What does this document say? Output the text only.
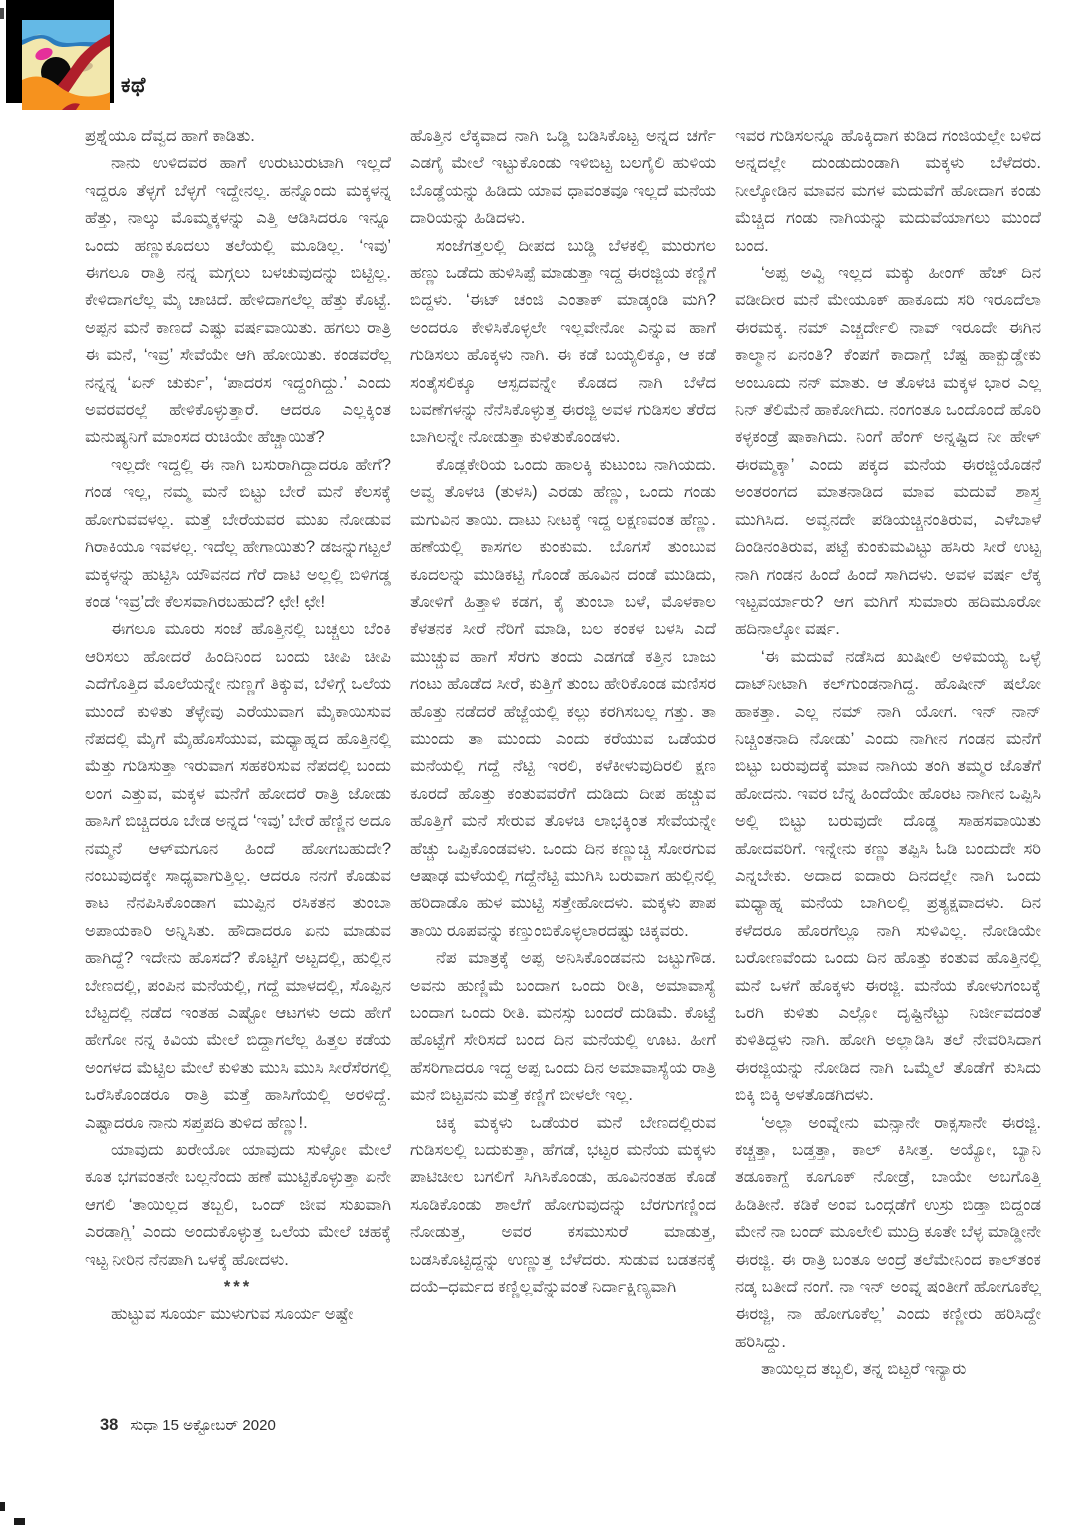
ಕಥೆ

ಪ್ರಶ್ನೆಯೂ ದೆವ್ವದ ಹಾಗೆ ಕಾಡಿತು.

ನಾನು ಉಳಿದವರ ಹಾಗೆ ಉರುಟುರುಟಾಗಿ ಇಲ್ಲದೆ ಇದ್ದರೂ ತೆಳ್ಳಗೆ ಬೆಳ್ಳಗೆ ಇದ್ದೇನಲ್ಲ. ಹನ್ನೊಂದು ಮಕ್ಕಳನ್ನ ಹೆತ್ತು, ನಾಲ್ಕು ಮೊಮ್ಮಕ್ಕಳನ್ನು ಎತ್ತಿ ಆಡಿಸಿದರೂ ಇನ್ನೂ ಒಂದು ಹಣ್ಣುಕೂದಲು ತಲೆಯಲ್ಲಿ ಮೂಡಿಲ್ಲ. ‘ಇವು’ ಈಗಲೂ ರಾತ್ರಿ ನನ್ನ ಮಗ್ಗಲು ಬಳಚುವುದನ್ನು ಬಿಟ್ಟಿಲ್ಲ. ಕೇಳಿದಾಗಲೆಲ್ಲ ಮೈ ಚಾಚಿದೆ. ಹೇಳಿದಾಗಲೆಲ್ಲ ಹೆತ್ತು ಕೊಟ್ಟೆ. ಅಪ್ಪನ ಮನೆ ಕಾಣದೆ ಎಷ್ಟು ವರ್ಷವಾಯಿತು. ಹಗಲು ರಾತ್ರಿ ಈ ಮನೆ, ‘ಇವ್ರ’ ಸೇವೆಯೇ ಆಗಿ ಹೋಯಿತು. ಕಂಡವರೆಲ್ಲ ನನ್ನನ್ನ ‘ಏನ್ ಚುರ್ಕು’, ‘ಪಾದರಸ ಇದ್ದಂಗಿದ್ದು.’ ಎಂದು ಅವರವರಲ್ಲೆ ಹೇಳಿಕೊಳ್ಳುತ್ತಾರೆ. ಆದರೂ ಎಲ್ಲಕ್ಕಿಂತ ಮನುಷ್ಯನಿಗೆ ಮಾಂಸದ ರುಚಿಯೇ ಹೆಚ್ಚಾಯಿತೆ?

ಇಲ್ಲದೇ ಇದ್ದಲ್ಲಿ ಈ ನಾಗಿ ಬಸುರಾಗಿದ್ದಾದರೂ ಹೇಗೆ? ಗಂಡ ಇಲ್ಲ, ನಮ್ಮ ಮನೆ ಬಿಟ್ಟು ಬೇರೆ ಮನೆ ಕೆಲಸಕ್ಕೆ ಹೋಗುವವಳಲ್ಲ. ಮತ್ತೆ ಬೇರೆಯವರ ಮುಖ ನೋಡುವ ಗಿರಾಕಿಯೂ ಇವಳಲ್ಲ. ಇದೆಲ್ಲ ಹೇಗಾಯಿತು? ಡಜನ್ನುಗಟ್ಟಲೆ ಮಕ್ಕಳನ್ನು ಹುಟ್ಟಿಸಿ ಯೌವನದ ಗೆರೆ ದಾಟಿ ಅಲ್ಲಲ್ಲಿ ಬಿಳಿಗಡ್ಡ ಕಂಡ ‘ಇವ್ರ’ದೇ ಕೆಲಸವಾಗಿರಬಹುದೆ? ಛೇ! ಛೇ!

ಈಗಲೂ ಮೂರು ಸಂಜೆ ಹೊತ್ತಿನಲ್ಲಿ ಬಚ್ಚಲು ಬೆಂಕಿ ಆರಿಸಲು ಹೋದರೆ ಹಿಂದಿನಿಂದ ಬಂದು ಚೀಪಿ ಚೀಪಿ ಎದೆಗೊತ್ತಿದ ಮೊಲೆಯನ್ನೇ ನುಣ್ಣಗೆ ತಿಕ್ಕುವ, ಬೆಳಿಗ್ಗೆ ಒಲೆಯ ಮುಂದೆ ಕುಳಿತು ತೆಳ್ಳೇವು ಎರೆಯುವಾಗ ಮೈಕಾಯಿಸುವ ನೆಪದಲ್ಲಿ ಮೈಗೆ ಮೈಹೊಸೆಯುವ, ಮಧ್ಯಾಹ್ನದ ಹೊತ್ತಿನಲ್ಲಿ ಮೆತ್ತು ಗುಡಿಸುತ್ತಾ ಇರುವಾಗ ಸಹಕರಿಸುವ ನೆಪದಲ್ಲಿ ಬಂದು ಲಂಗ ಎತ್ತುವ, ಮಕ್ಕಳ ಮನೆಗೆ ಹೋದರೆ ರಾತ್ರಿ ಜೋಡು ಹಾಸಿಗೆ ಬಿಚ್ಚಿದರೂ ಬೇಡ ಅನ್ನದ ‘ಇವು’ ಬೇರೆ ಹೆಣ್ಣಿನ ಅದೂ ನಮ್ಮನೆ ಆಳ್‌ಮಗೂನ ಹಿಂದೆ ಹೋಗಬಹುದೇ? ನಂಬುವುದಕ್ಕೇ ಸಾಧ್ಯವಾಗುತ್ತಿಲ್ಲ. ಆದರೂ ನನಗೆ ಕೊಡುವ ಕಾಟ ನೆನಪಿಸಿಕೊಂಡಾಗ ಮುಪ್ಪಿನ ರಸಿಕತನ ತುಂಬಾ ಅಪಾಯಕಾರಿ ಅನ್ನಿಸಿತು. ಹೌದಾದರೂ ಏನು ಮಾಡುವ ಹಾಗಿದ್ದೆ? ಇದೇನು ಹೊಸದೆ? ಕೊಟ್ಟಿಗೆ ಅಟ್ಟದಲ್ಲಿ, ಹುಲ್ಲಿನ ಬೇಣದಲ್ಲಿ, ಪಂಪಿನ ಮನೆಯಲ್ಲಿ, ಗದ್ದೆ ಮಾಳದಲ್ಲಿ, ಸೊಪ್ಪಿನ ಬೆಟ್ಟದಲ್ಲಿ ನಡೆದ ಇಂತಹ ಎಷ್ಟೋ ಆಟಗಳು ಅದು ಹೇಗೆ ಹೇಗೋ ನನ್ನ ಕಿವಿಯ ಮೇಲೆ ಬಿದ್ದಾಗಲೆಲ್ಲ ಹಿತ್ತಲ ಕಡೆಯ ಅಂಗಳದ ಮೆಟ್ಟಿಲ ಮೇಲೆ ಕುಳಿತು ಮುಸಿ ಮುಸಿ ಸೀರೆಸೆರಗಲ್ಲಿ ಒರೆಸಿಕೊಂಡರೂ ರಾತ್ರಿ ಮತ್ತೆ ಹಾಸಿಗೆಯಲ್ಲಿ ಅರಳಿದ್ದೆ. ಎಷ್ಟಾದರೂ ನಾನು ಸಪ್ತಪದಿ ತುಳಿದ ಹೆಣ್ಣು!.

ಯಾವುದು ಖರೇಯೋ ಯಾವುದು ಸುಳ್ಳೋ ಮೇಲೆ ಕೂತ ಭಗವಂತನೇ ಬಲ್ಲನೆಂದು ಹಣೆ ಮುಟ್ಟಿಕೊಳ್ಳುತ್ತಾ ಏನೇ ಆಗಲಿ ‘ತಾಯಿಲ್ಲದ ತಬ್ಬಲಿ, ಒಂದ್ ಜೀವ ಸುಖವಾಗಿ ಎರಡಾಗ್ಲಿ’ ಎಂದು ಅಂದುಕೊಳ್ಳುತ್ತ ಒಲೆಯ ಮೇಲೆ ಚಹಕ್ಕೆ ಇಟ್ಟ ನೀರಿನ ನೆನಪಾಗಿ ಒಳಕ್ಕೆ ಹೋದಳು.

***

ಹುಟ್ಟುವ ಸೂರ್ಯ ಮುಳುಗುವ ಸೂರ್ಯ ಅಷ್ಟೇ

ಹೊತ್ತಿನ ಲೆಕ್ಕವಾದ ನಾಗಿ ಒಡ್ಡಿ ಬಡಿಸಿಕೊಟ್ಟ ಅನ್ನದ ಚರ್ಗೆ ಎಡಗೈ ಮೇಲೆ ಇಟ್ಟುಕೊಂಡು ಇಳಿಬಿಟ್ಟ ಬಲಗೈಲಿ ಹುಳಿಯ ಬೊಡ್ಡೆಯನ್ನು ಹಿಡಿದು ಯಾವ ಧಾವಂತವೂ ಇಲ್ಲದೆ ಮನೆಯ ದಾರಿಯನ್ನು ಹಿಡಿದಳು.

ಸಂಜೆಗತ್ತಲಲ್ಲಿ ದೀಪದ ಬುಡ್ಡಿ ಬೆಳಕಲ್ಲಿ ಮುರುಗಲ ಹಣ್ಣು ಒಡೆದು ಹುಳಿಸಿಪ್ಪೆ ಮಾಡುತ್ತಾ ಇದ್ದ ಈರಜ್ಜಿಯ ಕಣ್ಣಿಗೆ ಬಿದ್ದಳು. ‘ಈಟ್ ಚಂಜಿ ಎಂತಾಕ್ ಮಾಡ್ಕಂಡಿ ಮಗಿ? ಅಂದರೂ ಕೇಳಿಸಿಕೊಳ್ಳಲೇ ಇಲ್ಲವೇನೋ ಎನ್ನುವ ಹಾಗೆ ಗುಡಿಸಲು ಹೊಕ್ಕಳು ನಾಗಿ. ಈ ಕಡೆ ಬಯ್ಯಲಿಕ್ಕೂ, ಆ ಕಡೆ ಸಂತೈಸಲಿಕ್ಕೂ ಆಸ್ಪದವನ್ನೇ ಕೊಡದ ನಾಗಿ ಬೆಳೆದ ಬವಣೆಗಳನ್ನು ನೆನೆಸಿಕೊಳ್ಳುತ್ತ ಈರಜ್ಜಿ ಅವಳ ಗುಡಿಸಲ ತೆರೆದ ಬಾಗಿಲನ್ನೇ ನೋಡುತ್ತಾ ಕುಳಿತುಕೊಂಡಳು.

ಕೊಡ್ಲಕೇರಿಯ ಒಂದು ಹಾಲಕ್ಕಿ ಕುಟುಂಬ ನಾಗಿಯದು. ಅವ್ವ ತೊಳಚಿ (ತುಳಸಿ) ಎರಡು ಹೆಣ್ಣು, ಒಂದು ಗಂಡು ಮಗುವಿನ ತಾಯಿ. ದಾಟು ನೀಟಕ್ಕೆ ಇದ್ದ ಲಕ್ಷಣವಂತ ಹೆಣ್ಣು. ಹಣೆಯಲ್ಲಿ ಕಾಸಗಲ ಕುಂಕುಮ. ಬೊಗಸೆ ತುಂಬುವ ಕೂದಲನ್ನು ಮುಡಿಕಟ್ಟಿ ಗೊಂಡೆ ಹೂವಿನ ದಂಡೆ ಮುಡಿದು, ತೋಳಿಗೆ ಹಿತ್ತಾಳಿ ಕಡಗ, ಕೈ ತುಂಬಾ ಬಳೆ, ಮೊಳಕಾಲ ಕೆಳತನಕ ಸೀರೆ ನೆರಿಗೆ ಮಾಡಿ, ಬಲ ಕಂಕಳ ಬಳಸಿ ಎದೆ ಮುಚ್ಚುವ ಹಾಗೆ ಸೆರಗು ತಂದು ಎಡಗಡೆ ಕತ್ತಿನ ಬಾಜು ಗಂಟು ಹೊಡೆದ ಸೀರೆ, ಕುತ್ತಿಗೆ ತುಂಬ ಹೇರಿಕೊಂಡ ಮಣಿಸರ ಹೊತ್ತು ನಡೆದರೆ ಹೆಜ್ಜೆಯಲ್ಲಿ ಕಲ್ಲು ಕರಗಿಸಬಲ್ಲ ಗತ್ತು. ತಾ ಮುಂದು ತಾ ಮುಂದು ಎಂದು ಕರೆಯುವ ಒಡೆಯರ ಮನೆಯಲ್ಲಿ ಗದ್ದೆ ನೆಟ್ಟಿ ಇರಲಿ, ಕಳೆಕೀಳುವುದಿರಲಿ ಕ್ಷಣ ಕೂರದೆ ಹೊತ್ತು ಕಂತುವವರೆಗೆ ದುಡಿದು ದೀಪ ಹಚ್ಚುವ ಹೊತ್ತಿಗೆ ಮನೆ ಸೇರುವ ತೊಳಚಿ ಲಾಭಕ್ಕಿಂತ ಸೇವೆಯನ್ನೇ ಹೆಚ್ಚು ಒಪ್ಪಿಕೊಂಡವಳು. ಒಂದು ದಿನ ಕಣ್ಣುಚ್ಚಿ ಸೋರಗುವ ಆಷಾಢ ಮಳೆಯಲ್ಲಿ ಗದ್ದೆನೆಟ್ಟಿ ಮುಗಿಸಿ ಬರುವಾಗ ಹುಲ್ಲಿನಲ್ಲಿ ಹರಿದಾಡೊ ಹುಳ ಮುಟ್ಟಿ ಸತ್ತೇಹೋದಳು. ಮಕ್ಕಳು ಪಾಪ ತಾಯಿ ರೂಪವನ್ನು ಕಣ್ತುಂಬಿಕೊಳ್ಳಲಾರದಷ್ಟು ಚಿಕ್ಕವರು.

ನೆಪ ಮಾತ್ರಕ್ಕೆ ಅಪ್ಪ ಅನಿಸಿಕೊಂಡವನು ಜಟ್ಟುಗೌಡ. ಅವನು ಹುಣ್ಣಿಮೆ ಬಂದಾಗ ಒಂದು ರೀತಿ, ಅಮಾವಾಸ್ಯೆ ಬಂದಾಗ ಒಂದು ರೀತಿ. ಮನಸ್ಸು ಬಂದರೆ ದುಡಿಮೆ. ಕೊಟ್ಟೆ ಹೊಟ್ಟೆಗೆ ಸೇರಿಸದೆ ಬಂದ ದಿನ ಮನೆಯಲ್ಲಿ ಊಟ. ಹೀಗೆ ಹೆಸರಿಗಾದರೂ ಇದ್ದ ಅಪ್ಪ ಒಂದು ದಿನ ಅಮಾವಾಸ್ಯೆಯ ರಾತ್ರಿ ಮನೆ ಬಿಟ್ಟವನು ಮತ್ತೆ ಕಣ್ಣಿಗೆ ಬೀಳಲೇ ಇಲ್ಲ.

ಚಿಕ್ಕ ಮಕ್ಕಳು ಒಡೆಯರ ಮನೆ ಬೇಣದಲ್ಲಿರುವ ಗುಡಿಸಲಲ್ಲಿ ಬದುಕುತ್ತಾ, ಹೆಗಡೆ, ಭಟ್ಟರ ಮನೆಯ ಮಕ್ಕಳು ಪಾಟಿಚೀಲ ಬಗಲಿಗೆ ಸಿಗಿಸಿಕೊಂಡು, ಹೂವಿನಂತಹ ಕೊಡೆ ಸೂಡಿಕೊಂಡು ಶಾಲೆಗೆ ಹೋಗುವುದನ್ನು ಬೆರಗುಗಣ್ಣಿಂದ ನೋಡುತ್ತ, ಅವರ ಕಸಮುಸುರೆ ಮಾಡುತ್ತ, ಬಡಸಿಕೊಟ್ಟಿದ್ದನ್ನು ಉಣ್ಣುತ್ತ ಬೆಳೆದರು. ಸುಡುವ ಬಡತನಕ್ಕೆ ದಯೆ–ಧರ್ಮದ ಕಣ್ಣಿಲ್ಲವೆನ್ನುವಂತೆ ನಿರ್ದಾಕ್ಷಿಣ್ಯವಾಗಿ

ಇವರ ಗುಡಿಸಲನ್ನೂ ಹೊಕ್ಕಿದಾಗ ಕುಡಿದ ಗಂಜಿಯಲ್ಲೇ ಬಳಿದ ಅನ್ನದಲ್ಲೇ ದುಂಡುದುಂಡಾಗಿ ಮಕ್ಕಳು ಬೆಳೆದರು. ನೀಲ್ಕೋಡಿನ ಮಾವನ ಮಗಳ ಮದುವೆಗೆ ಹೋದಾಗ ಕಂಡು ಮೆಚ್ಚಿದ ಗಂಡು ನಾಗಿಯನ್ನು ಮದುವೆಯಾಗಲು ಮುಂದೆ ಬಂದ.

‘ಅಪ್ಪ ಅವ್ವಿ ಇಲ್ಲದ ಮಕ್ಕು ಹೀಂಗ್ ಹೆಚ್ ದಿನ ವಡೀದೀರ ಮನೆ ಮೇಯೂಕ್ ಹಾಕೂದು ಸರಿ ಇರೂದೆಲಾ ಈರಮಕ್ಕ. ನಮ್ ಎಚ್ಚರ್ದೇಲಿ ನಾವ್ ಇರೂದೇ ಈಗಿನ ಕಾಲ್ಮಾನ ಏನಂತಿ? ಕೆಂಪಗೆ ಕಾದಾಗ್ಲೆ ಬೆಷ್ಟ ಹಾಕ್ಬುಡ್ಡೇಕು ಅಂಬೂದು ನನ್ ಮಾತು. ಆ ತೊಳಚಿ ಮಕ್ಕಳ ಭಾರ ಎಲ್ಲ ನಿನ್ ತೆಲಿಮೆನೆ ಹಾಕೋಗಿದು. ನಂಗಂತೂ ಒಂದೊಂದೆ ಹೊರಿ ಕಳ್ಳಕಂಡ್ರೆ ಷಾಕಾಗಿದು. ನಿಂಗೆ ಹೆಂಗ್ ಅನ್ನಷ್ಟಿದ ನೀ ಹೇಳ್ ಈರಮ್ಮಕ್ಕಾ’ ಎಂದು ಪಕ್ಕದ ಮನೆಯ ಈರಜ್ಜಿಯೊಡನೆ ಅಂತರಂಗದ ಮಾತನಾಡಿದ ಮಾವ ಮದುವೆ ಶಾಸ್ತ್ರ ಮುಗಿಸಿದ. ಅವ್ವನದೇ ಪಡಿಯಚ್ಚಿನಂತಿರುವ, ಎಳೆಬಾಳೆ ದಿಂಡಿನಂತಿರುವ, ಪಟ್ಟೆ ಕುಂಕುಮವಿಟ್ಟು ಹಸಿರು ಸೀರೆ ಉಟ್ಟ ನಾಗಿ ಗಂಡನ ಹಿಂದೆ ಹಿಂದೆ ಸಾಗಿದಳು. ಅವಳ ವರ್ಷ ಲೆಕ್ಕ ಇಟ್ಟವರ್ಯಾರು? ಆಗ ಮಗಿಗೆ ಸುಮಾರು ಹದಿಮೂರೋ ಹದಿನಾಲ್ಕೋ ವರ್ಷ.

‘ಈ ಮದುವೆ ನಡೆಸಿದ ಖುಷೀಲಿ ಅಳಿಮಯ್ಯ ಒಳ್ಳೆ ದಾಟ್‌ನೀಟಾಗಿ ಕಲ್‌ಗುಂಡನಾಗಿದ್ದ. ಹೊಷೀನ್ ಷಲೋ ಹಾಕತ್ತಾ. ಎಲ್ಲ ನಮ್ ನಾಗಿ ಯೋಗ. ಇನ್ ನಾನ್ ನಿಚ್ಚಿಂತನಾದಿ ನೋಡು’ ಎಂದು ನಾಗೀನ ಗಂಡನ ಮನೆಗೆ ಬಿಟ್ಟು ಬರುವುದಕ್ಕೆ ಮಾವ ನಾಗಿಯ ತಂಗಿ ತಮ್ಮರ ಜೊತೆಗೆ ಹೋದನು. ಇವರ ಬೆನ್ನ ಹಿಂದೆಯೇ ಹೊರಟ ನಾಗೀನ ಒಪ್ಪಿಸಿ ಅಲ್ಲಿ ಬಿಟ್ಟು ಬರುವುದೇ ದೊಡ್ಡ ಸಾಹಸವಾಯಿತು ಹೋದವರಿಗೆ. ಇನ್ನೇನು ಕಣ್ಣು ತಪ್ಪಿಸಿ ಓಡಿ ಬಂದುದೇ ಸರಿ ಎನ್ನಬೇಕು. ಅದಾದ ಐದಾರು ದಿನದಲ್ಲೇ ನಾಗಿ ಒಂದು ಮಧ್ಯಾಹ್ನ ಮನೆಯ ಬಾಗಿಲಲ್ಲಿ ಪ್ರತ್ಯಕ್ಷವಾದಳು. ದಿನ ಕಳೆದರೂ ಹೊರಗೆಲ್ಲೂ ನಾಗಿ ಸುಳಿವಿಲ್ಲ. ನೋಡಿಯೇ ಬರೋಣವೆಂದು ಒಂದು ದಿನ ಹೊತ್ತು ಕಂತುವ ಹೊತ್ತಿನಲ್ಲಿ ಮನೆ ಒಳಗೆ ಹೊಕ್ಕಳು ಈರಜ್ಜಿ. ಮನೆಯ ಕೋಳುಗಂಬಕ್ಕೆ ಒರಗಿ ಕುಳಿತು ಎಲ್ಲೋ ದೃಷ್ಟಿನೆಟ್ಟು ನಿರ್ಜೀವದಂತೆ ಕುಳಿತಿದ್ದಳು ನಾಗಿ. ಹೋಗಿ ಅಲ್ಲಾಡಿಸಿ ತಲೆ ನೇವರಿಸಿದಾಗ ಈರಜ್ಜಿಯನ್ನು ನೋಡಿದ ನಾಗಿ ಒಮ್ಮೆಲೆ ತೊಡೆಗೆ ಕುಸಿದು ಬಿಕ್ಕಿ ಬಿಕ್ಕಿ ಅಳತೊಡಗಿದಳು.

‘ಅಲ್ಲಾ ಅಂವ್ನೇನು ಮನ್ಸಾನೇ ರಾಕ್ಸಸಾನೇ ಈರಜ್ಜಿ. ಕಚ್ಚತ್ತಾ, ಬಡ್ತತ್ತಾ, ಕಾಲ್ ಕಿಸೀತ್ತ. ಅಯ್ಯೋ, ಬ್ಯಾನಿ ತಡೂಕಾಗ್ದೆ ಕೂಗೂಕ್ ನೋಡ್ರೆ, ಬಾಯೇ ಅಬಗೊತ್ತಿ ಹಿಡಿತೀನೆ. ಕಡಿಕೆ ಅಂವ ಒಂದ್ಗಡೆಗೆ ಉಸ್ರು ಬಿಡ್ತಾ ಬಿದ್ದಂಡ ಮೇನೆ ನಾ ಬಂದ್ ಮೂಲೇಲಿ ಮುದ್ರಿ ಕೂತೇ ಬೆಳ್ಳ ಮಾಡ್ಡೀನೇ ಈರಜ್ಜಿ. ಈ ರಾತ್ರಿ ಬಂತೂ ಅಂದ್ರೆ ತಲೆಮೇನಿಂದ ಕಾಲ್‌ತಂಕ ನಡ್ಕ ಬತೀದೆ ನಂಗೆ. ನಾ ಇನ್ ಅಂವ್ನ ಷಂತೀಗೆ ಹೋಗೂಕೆಲ್ಲ ಈರಜ್ಜಿ, ನಾ ಹೋಗೂಕೆಲ್ಲ’ ಎಂದು ಕಣ್ಣೀರು ಹರಿಸಿದ್ದೇ ಹರಿಸಿದ್ದು.

ತಾಯಿಲ್ಲದ ತಬ್ಬಲಿ, ತನ್ನ ಬಿಟ್ಟರೆ ಇನ್ಯಾರು

38 ಸುಧಾ 15 ಅಕ್ಟೋಬರ್ 2020
